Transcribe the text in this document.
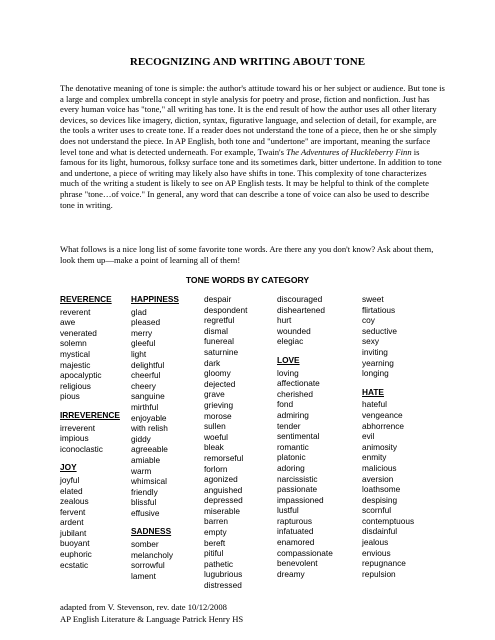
RECOGNIZING AND WRITING ABOUT TONE
The denotative meaning of tone is simple: the author's attitude toward his or her subject or audience. But tone is a large and complex umbrella concept in style analysis for poetry and prose, fiction and nonfiction. Just has every human voice has "tone," all writing has tone. It is the end result of how the author uses all other literary devices, so devices like imagery, diction, syntax, figurative language, and selection of detail, for example, are the tools a writer uses to create tone. If a reader does not understand the tone of a piece, then he or she simply does not understand the piece. In AP English, both tone and "undertone" are important, meaning the surface level tone and what is detected underneath. For example, Twain's The Adventures of Huckleberry Finn is famous for its light, humorous, folksy surface tone and its sometimes dark, bitter undertone. In addition to tone and undertone, a piece of writing may likely also have shifts in tone. This complexity of tone characterizes much of the writing a student is likely to see on AP English tests. It may be helpful to think of the complete phrase "tone…of voice." In general, any word that can describe a tone of voice can also be used to describe tone in writing.
What follows is a nice long list of some favorite tone words. Are there any you don't know? Ask about them, look them up—make a point of learning all of them!
TONE WORDS BY CATEGORY
REVERENCE
reverent
awe
venerated
solemn
mystical
majestic
apocalyptic
religious
pious
IRREVERENCE
irreverent
impious
iconoclastic
JOY
joyful
elated
zealous
fervent
ardent
jubilant
buoyant
euphoric
ecstatic
HAPPINESS
glad
pleased
merry
gleeful
light
delightful
cheerful
cheery
sanguine
mirthful
enjoyable
with relish
giddy
agreeable
amiable
warm
whimsical
friendly
blissful
effusive
SADNESS
somber
melancholy
sorrowful
lament
despair
despondent
regretful
dismal
funereal
saturnine
dark
gloomy
dejected
grave
grieving
morose
sullen
woeful
bleak
remorseful
forlorn
agonized
anguished
depressed
miserable
barren
empty
bereft
pitiful
pathetic
lugubrious
distressed
discouraged
disheartened
hurt
wounded
elegiac
LOVE
loving
affectionate
cherished
fond
admiring
tender
sentimental
romantic
platonic
adoring
narcissistic
passionate
impassioned
lustful
rapturous
infatuated
enamored
compassionate
benevolent
dreamy
sweet
flirtatious
coy
seductive
sexy
inviting
yearning
longing
HATE
hateful
vengeance
abhorrence
evil
animosity
enmity
malicious
aversion
loathsome
despising
scornful
contemptuous
disdainful
jealous
envious
repugnance
repulsion
adapted from V. Stevenson, rev. date 10/12/2008
AP English Literature & Language Patrick Henry HS
